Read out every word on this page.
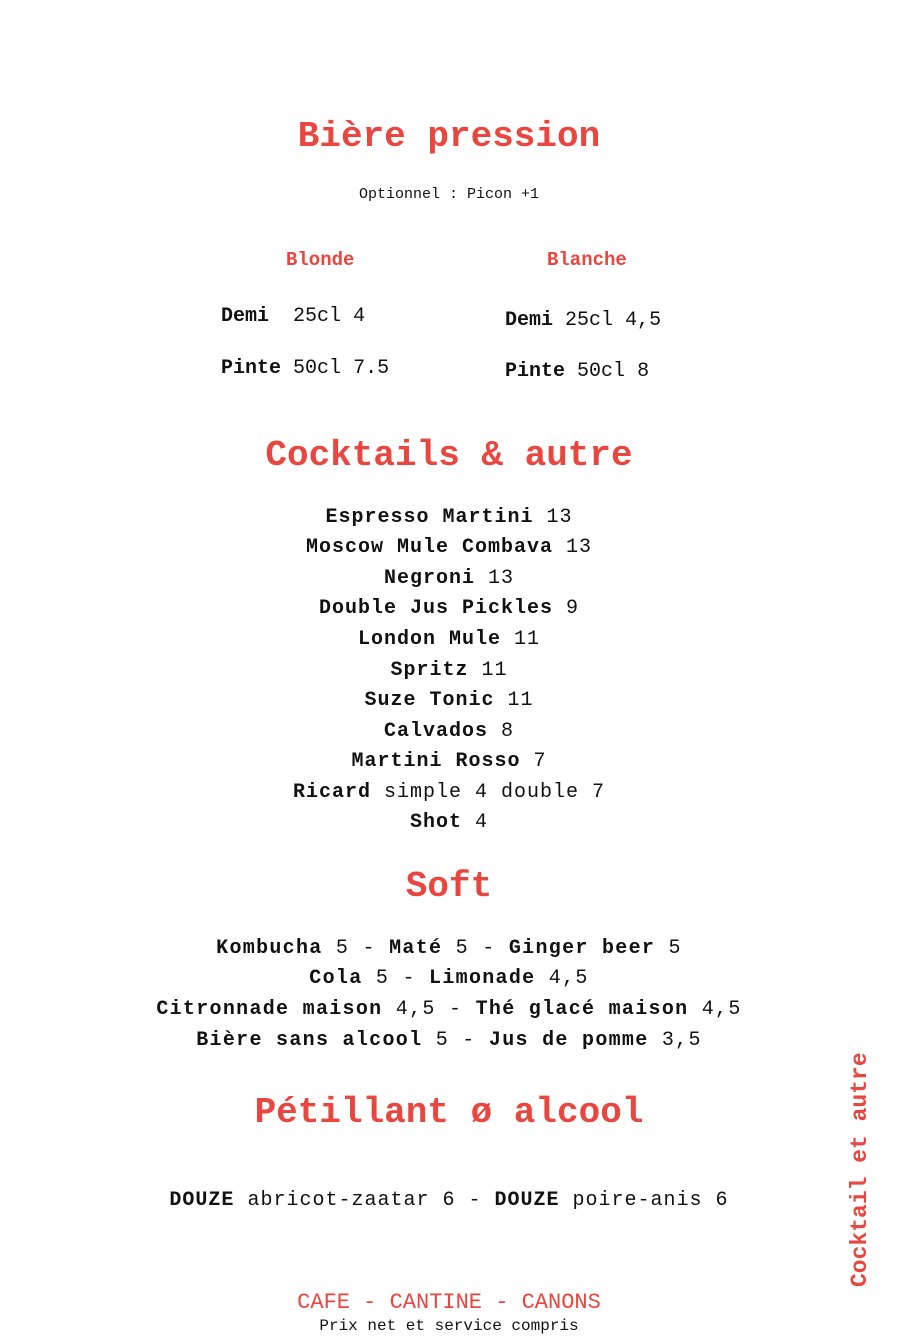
Bière pression
Optionnel : Picon +1
Blonde	Blanche
Demi 25cl 4
Pinte 50cl 7.5
Demi 25cl 4,5
Pinte 50cl 8
Cocktails & autre
Espresso Martini 13
Moscow Mule Combava 13
Negroni 13
Double Jus Pickles 9
London Mule 11
Spritz 11
Suze Tonic 11
Calvados 8
Martini Rosso 7
Ricard simple 4 double 7
Shot 4
Soft
Kombucha 5 - Maté 5 - Ginger beer 5
Cola 5 - Limonade 4,5
Citronnade maison 4,5 - Thé glacé maison 4,5
Bière sans alcool 5 - Jus de pomme 3,5
Pétillant ø alcool
DOUZE abricot-zaatar 6 - DOUZE poire-anis 6	Cocktail et autre
CAFE - CANTINE - CANONS
Prix net et service compris
